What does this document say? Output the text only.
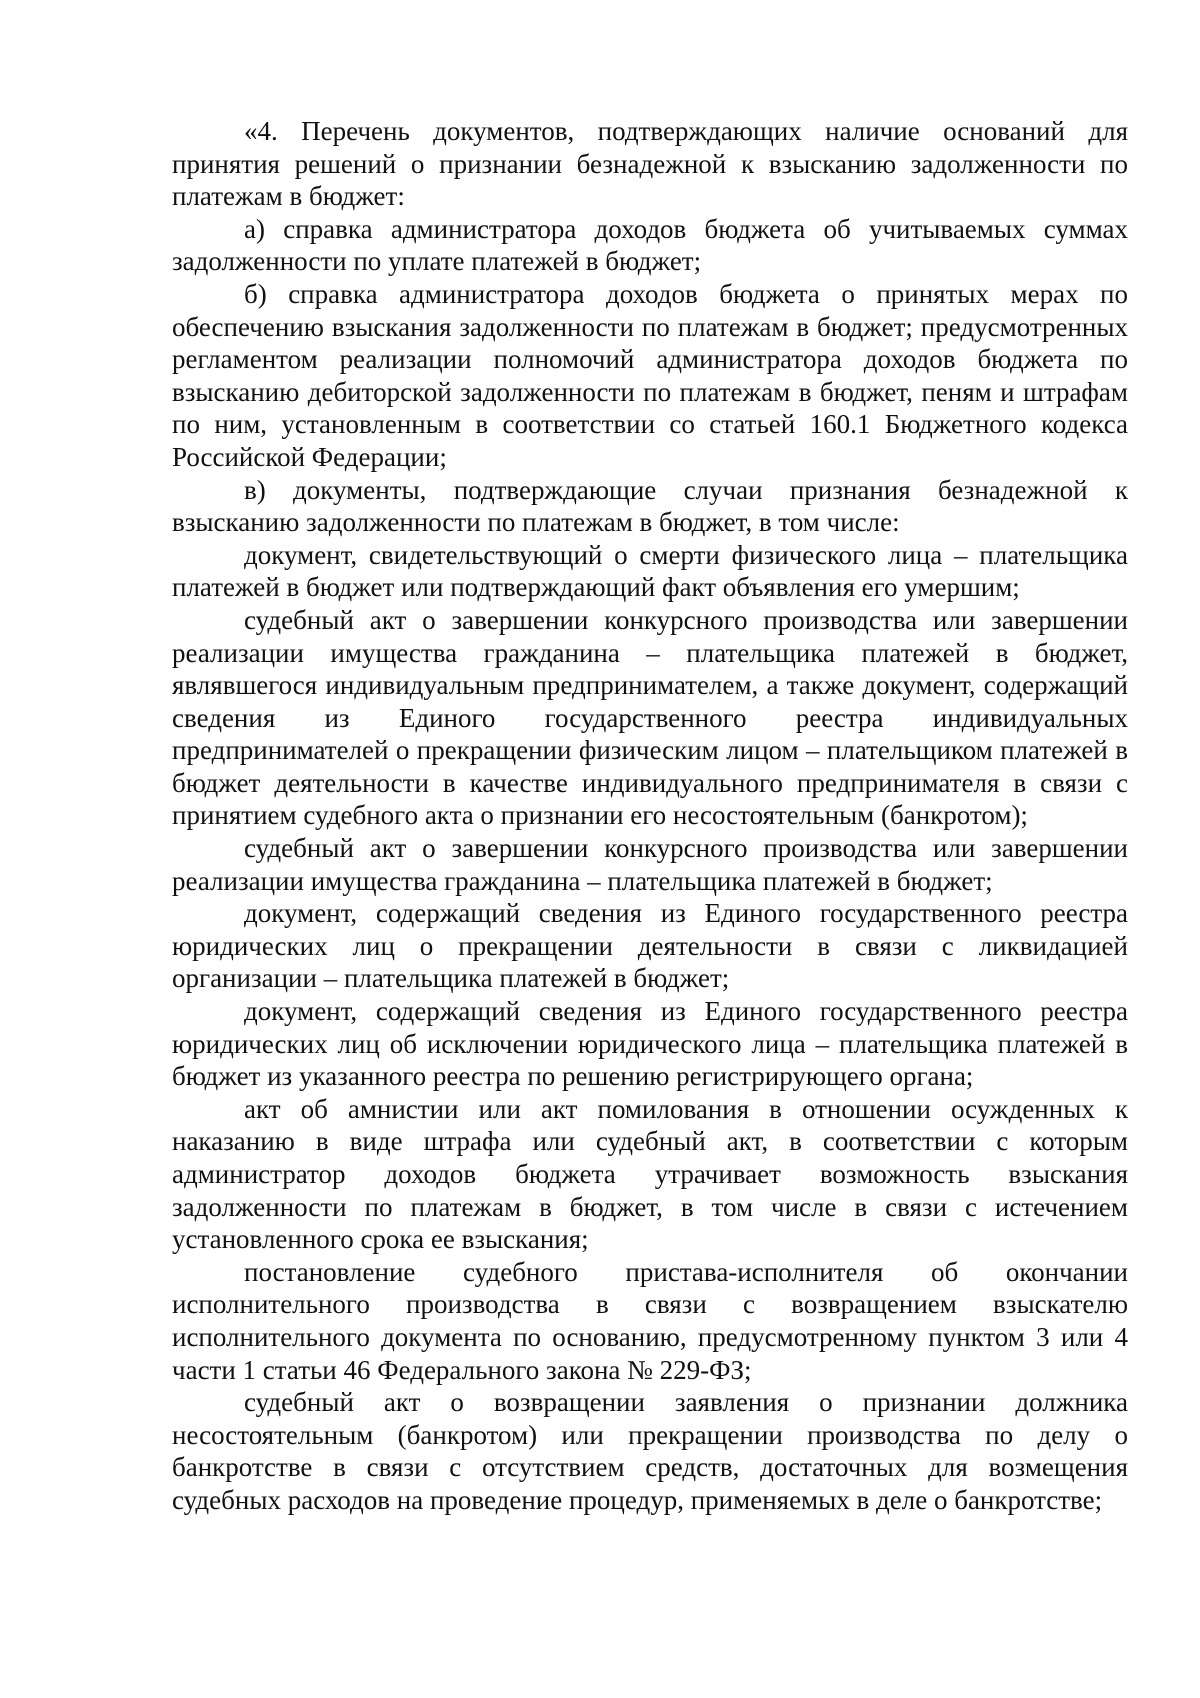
«4. Перечень документов, подтверждающих наличие оснований для принятия решений о признании безнадежной к взысканию задолженности по платежам в бюджет:

а) справка администратора доходов бюджета об учитываемых суммах задолженности по уплате платежей в бюджет;

б) справка администратора доходов бюджета о принятых мерах по обеспечению взыскания задолженности по платежам в бюджет; предусмотренных регламентом реализации полномочий администратора доходов бюджета по взысканию дебиторской задолженности по платежам в бюджет, пеням и штрафам по ним, установленным в соответствии со статьей 160.1 Бюджетного кодекса Российской Федерации;

в) документы, подтверждающие случаи признания безнадежной к взысканию задолженности по платежам в бюджет, в том числе:

документ, свидетельствующий о смерти физического лица – плательщика платежей в бюджет или подтверждающий факт объявления его умершим;

судебный акт о завершении конкурсного производства или завершении реализации имущества гражданина – плательщика платежей в бюджет, являвшегося индивидуальным предпринимателем, а также документ, содержащий сведения из Единого государственного реестра индивидуальных предпринимателей о прекращении физическим лицом – плательщиком платежей в бюджет деятельности в качестве индивидуального предпринимателя в связи с принятием судебного акта о признании его несостоятельным (банкротом);

судебный акт о завершении конкурсного производства или завершении реализации имущества гражданина – плательщика платежей в бюджет;

документ, содержащий сведения из Единого государственного реестра юридических лиц о прекращении деятельности в связи с ликвидацией организации – плательщика платежей в бюджет;

документ, содержащий сведения из Единого государственного реестра юридических лиц об исключении юридического лица – плательщика платежей в бюджет из указанного реестра по решению регистрирующего органа;

акт об амнистии или акт помилования в отношении осужденных к наказанию в виде штрафа или судебный акт, в соответствии с которым администратор доходов бюджета утрачивает возможность взыскания задолженности по платежам в бюджет, в том числе в связи с истечением установленного срока ее взыскания;

постановление судебного пристава-исполнителя об окончании исполнительного производства в связи с возвращением взыскателю исполнительного документа по основанию, предусмотренному пунктом 3 или 4 части 1 статьи 46 Федерального закона № 229-ФЗ;

судебный акт о возвращении заявления о признании должника несостоятельным (банкротом) или прекращении производства по делу о банкротстве в связи с отсутствием средств, достаточных для возмещения судебных расходов на проведение процедур, применяемых в деле о банкротстве;
